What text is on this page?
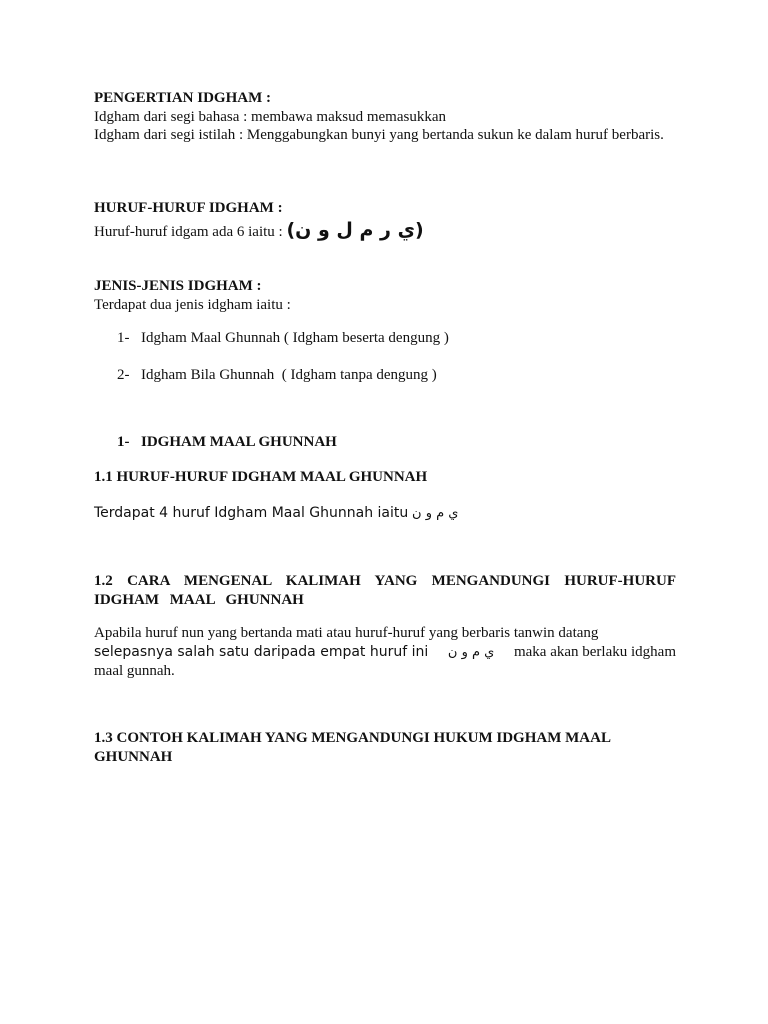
PENGERTIAN IDGHAM :
Idgham dari segi bahasa : membawa maksud memasukkan
Idgham dari segi istilah : Menggabungkan bunyi yang bertanda sukun ke dalam huruf berbaris.
HURUF-HURUF IDGHAM :
Huruf-huruf idgam ada 6 iaitu : (ي ر م ل و ن)
JENIS-JENIS IDGHAM :
Terdapat dua jenis idgham iaitu :
1- Idgham Maal Ghunnah ( Idgham beserta dengung )
2- Idgham Bila Ghunnah  ( Idgham tanpa dengung )
1- IDGHAM MAAL GHUNNAH
1.1 HURUF-HURUF IDGHAM MAAL GHUNNAH
Terdapat 4 huruf Idgham Maal Ghunnah iaitu ي م و ن
1.2 CARA MENGENAL KALIMAH YANG MENGANDUNGI HURUF-HURUF IDGHAM MAAL GHUNNAH
Apabila huruf nun yang bertanda mati atau huruf-huruf yang berbaris tanwin datang
selepasnya salah satu daripada empat huruf ini ي م و ن maka akan berlaku idgham
maal gunnah.
1.3 CONTOH KALIMAH YANG MENGANDUNGI HUKUM IDGHAM MAAL GHUNNAH
